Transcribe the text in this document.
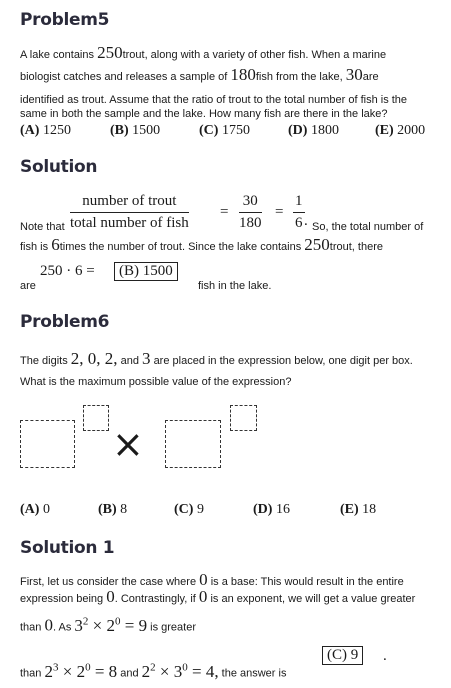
Problem5
A lake contains 250trout, along with a variety of other fish. When a marine
biologist catches and releases a sample of 180fish from the lake, 30are
identified as trout. Assume that the ratio of trout to the total number of fish is the
same in both the sample and the lake. How many fish are there in the lake?
(A) 1250	(B) 1500	(C) 1750	(D) 1800	(E) 2000
Solution
Note that
number of trout
total number of fish
= $\frac{30}{180} = \frac{1}{6}$ . So, the total number of
fish is 6times the number of trout. Since the lake contains 250trout, there
are
250 · 6 =	(B) 1500
fish in the lake.
Problem6
The digits 2, 0, 2, and 3 are placed in the expression below, one digit per box.
What is the maximum possible value of the expression?
×
(A) 0	(B) 8	(C) 9	(D) 16	(E) 18
Solution 1
First, let us consider the case where 0 is a base: This would result in the entire
expression being 0. Contrastingly, if 0 is an exponent, we will get a value greater
than 0. As $3^2 \times 2^0 = 9$ is greater
than $2^3 \times 2^0 = 8$ and $2^2 \times 3^0 = 4$, the answer is
(C) 9	.
